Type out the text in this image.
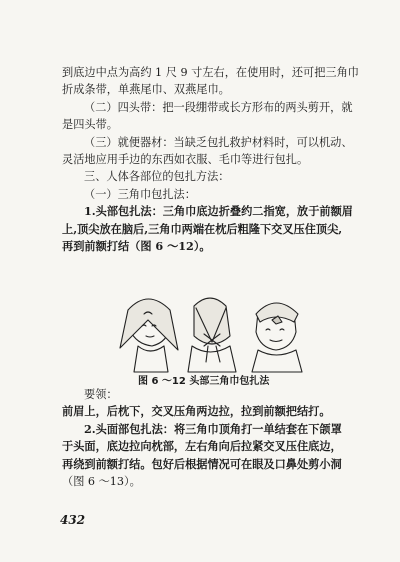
到底边中点为高约 1 尺 9 寸左右，在使用时，还可把三角巾

折成条带，单燕尾巾、双燕尾巾。

（二）四头带：把一段绷带或长方形布的两头剪开，就

是四头带。

（三）就便器材：当缺乏包扎救护材料时，可以机动、

灵活地应用手边的东西如衣服、毛巾等进行包扎。

三、人体各部位的包扎方法：

（一）三角巾包扎法：

1.头部包扎法：三角巾底边折叠约二指宽，放于前额眉

上,顶尖放在脑后,三角巾两端在枕后粗隆下交叉压住顶尖,

再到前额打结（图 6 ～12）。

图 6 ～12 头部三角巾包扎法

要领：

前眉上，后枕下，交叉压角两边拉，拉到前额把结打。

2.头面部包扎法：将三角巾顶角打一单结套在下颌罩

于头面，底边拉向枕部，左右角向后拉紧交叉压住底边，

再绕到前额打结。包好后根据情况可在眼及口鼻处剪小洞

（图 6 ～13）。

432
